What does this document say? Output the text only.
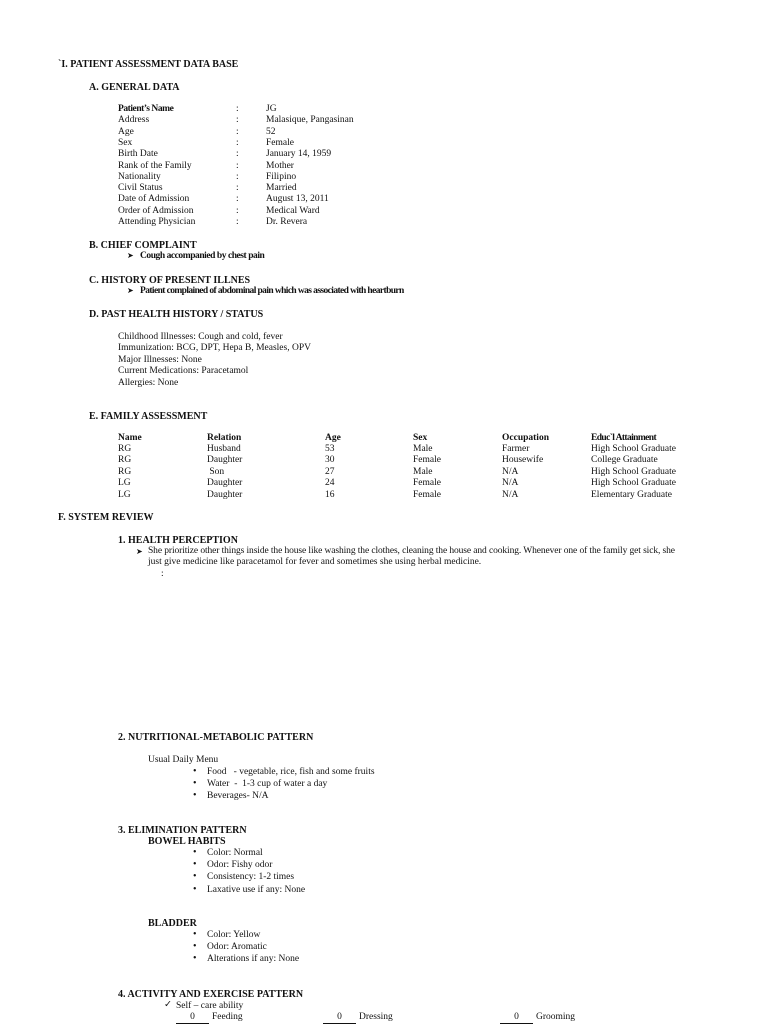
`I. PATIENT ASSESSMENT DATA BASE
A. GENERAL DATA
Patient’s Name	:	JG
Address	:	Malasique, Pangasinan
Age	:	52
Sex	:	Female
Birth Date	:	January 14, 1959
Rank of the Family	:	Mother
Nationality	:	Filipino
Civil Status	:	Married
Date of Admission	:	August 13, 2011
Order of Admission	:	Medical Ward
Attending Physician	:	Dr. Revera
B. CHIEF COMPLAINT
➤ Cough accompanied by chest pain
C. HISTORY OF PRESENT ILLNES
➤ Patient complained of abdominal pain which was associated with heartburn
D. PAST HEALTH HISTORY / STATUS
Childhood Illnesses: Cough and cold, fever
Immunization: BCG, DPT, Hepa B, Measles, OPV
Major Illnesses: None
Current Medications: Paracetamol
Allergies: None
E. FAMILY ASSESSMENT
Name	Relation	Age	Sex	Occupation	Educ`l Attainment
RG	Husband	53	Male	Farmer	High School Graduate
RG	Daughter	30	Female	Housewife	College Graduate
RG	Son	27	Male	N/A	High School Graduate
LG	Daughter	24	Female	N/A	High School Graduate
LG	Daughter	16	Female	N/A	Elementary Graduate
F. SYSTEM REVIEW
1. HEALTH PERCEPTION
➤ She prioritize other things inside the house like washing the clothes, cleaning the house and cooking. Whenever one of the family get sick, she
just give medicine like paracetamol for fever and sometimes she using herbal medicine.
:
2. NUTRITIONAL-METABOLIC PATTERN
Usual Daily Menu
• Food   - vegetable, rice, fish and some fruits
• Water  -  1-3 cup of water a day
• Beverages- N/A
3. ELIMINATION PATTERN
BOWEL HABITS
• Color: Normal
• Odor: Fishy odor
• Consistency: 1-2 times
• Laxative use if any: None
BLADDER
• Color: Yellow
• Odor: Aromatic
• Alterations if any: None
4. ACTIVITY AND EXERCISE PATTERN
✓ Self – care ability
0	Feeding	0	Dressing	0	Grooming
